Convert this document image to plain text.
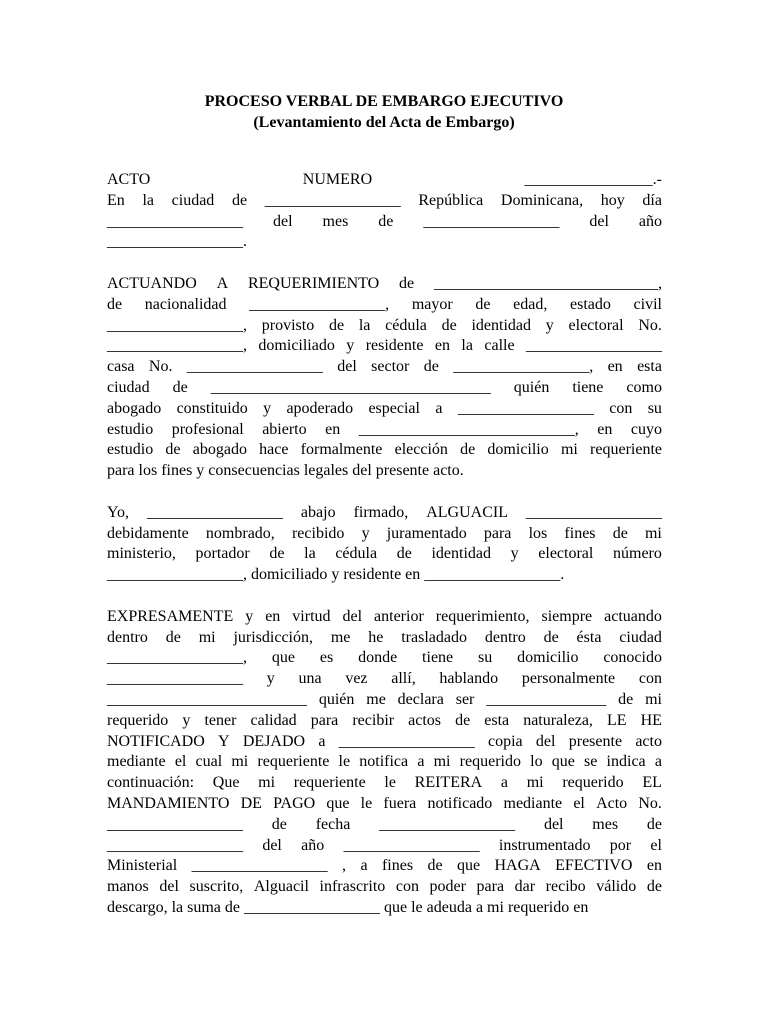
PROCESO VERBAL DE EMBARGO EJECUTIVO
(Levantamiento del Acta de Embargo)
ACTO	NUMERO	________________.-
En la ciudad de _________________ República Dominicana, hoy día
_________________ del mes de _________________ del año
_________________.
ACTUANDO A REQUERIMIENTO de ____________________________,
de nacionalidad _________________, mayor de edad, estado civil
_________________, provisto de la cédula de identidad y electoral No.
_________________, domiciliado y residente en la calle _________________
casa No. _________________ del sector de _________________, en esta
ciudad de ___________________________________ quién tiene como
abogado constituido y apoderado especial a _________________ con su
estudio profesional abierto en ___________________________, en cuyo
estudio de abogado hace formalmente elección de domicilio mi requeriente
para los fines y consecuencias legales del presente acto.
Yo, _________________ abajo firmado, ALGUACIL _________________
debidamente nombrado, recibido y juramentado para los fines de mi
ministerio, portador de la cédula de identidad y electoral número
_________________, domiciliado y residente en _________________.
EXPRESAMENTE y en virtud del anterior requerimiento, siempre actuando
dentro de mi jurisdicción, me he trasladado dentro de ésta ciudad
_________________, que es donde tiene su domicilio conocido
_________________ y una vez allí, hablando personalmente con
_________________________ quién me declara ser _______________ de mi
requerido y tener calidad para recibir actos de esta naturaleza, LE HE
NOTIFICADO Y DEJADO a _________________ copia del presente acto
mediante el cual mi requeriente le notifica a mi requerido lo que se indica a
continuación: Que mi requeriente le REITERA a mi requerido EL
MANDAMIENTO DE PAGO que le fuera notificado mediante el Acto No.
_________________ de fecha _________________ del mes de
_________________ del año _________________ instrumentado por el
Ministerial _________________ , a fines de que HAGA EFECTIVO en
manos del suscrito, Alguacil infrascrito con poder para dar recibo válido de
descargo, la suma de _________________ que le adeuda a mi requerido en
